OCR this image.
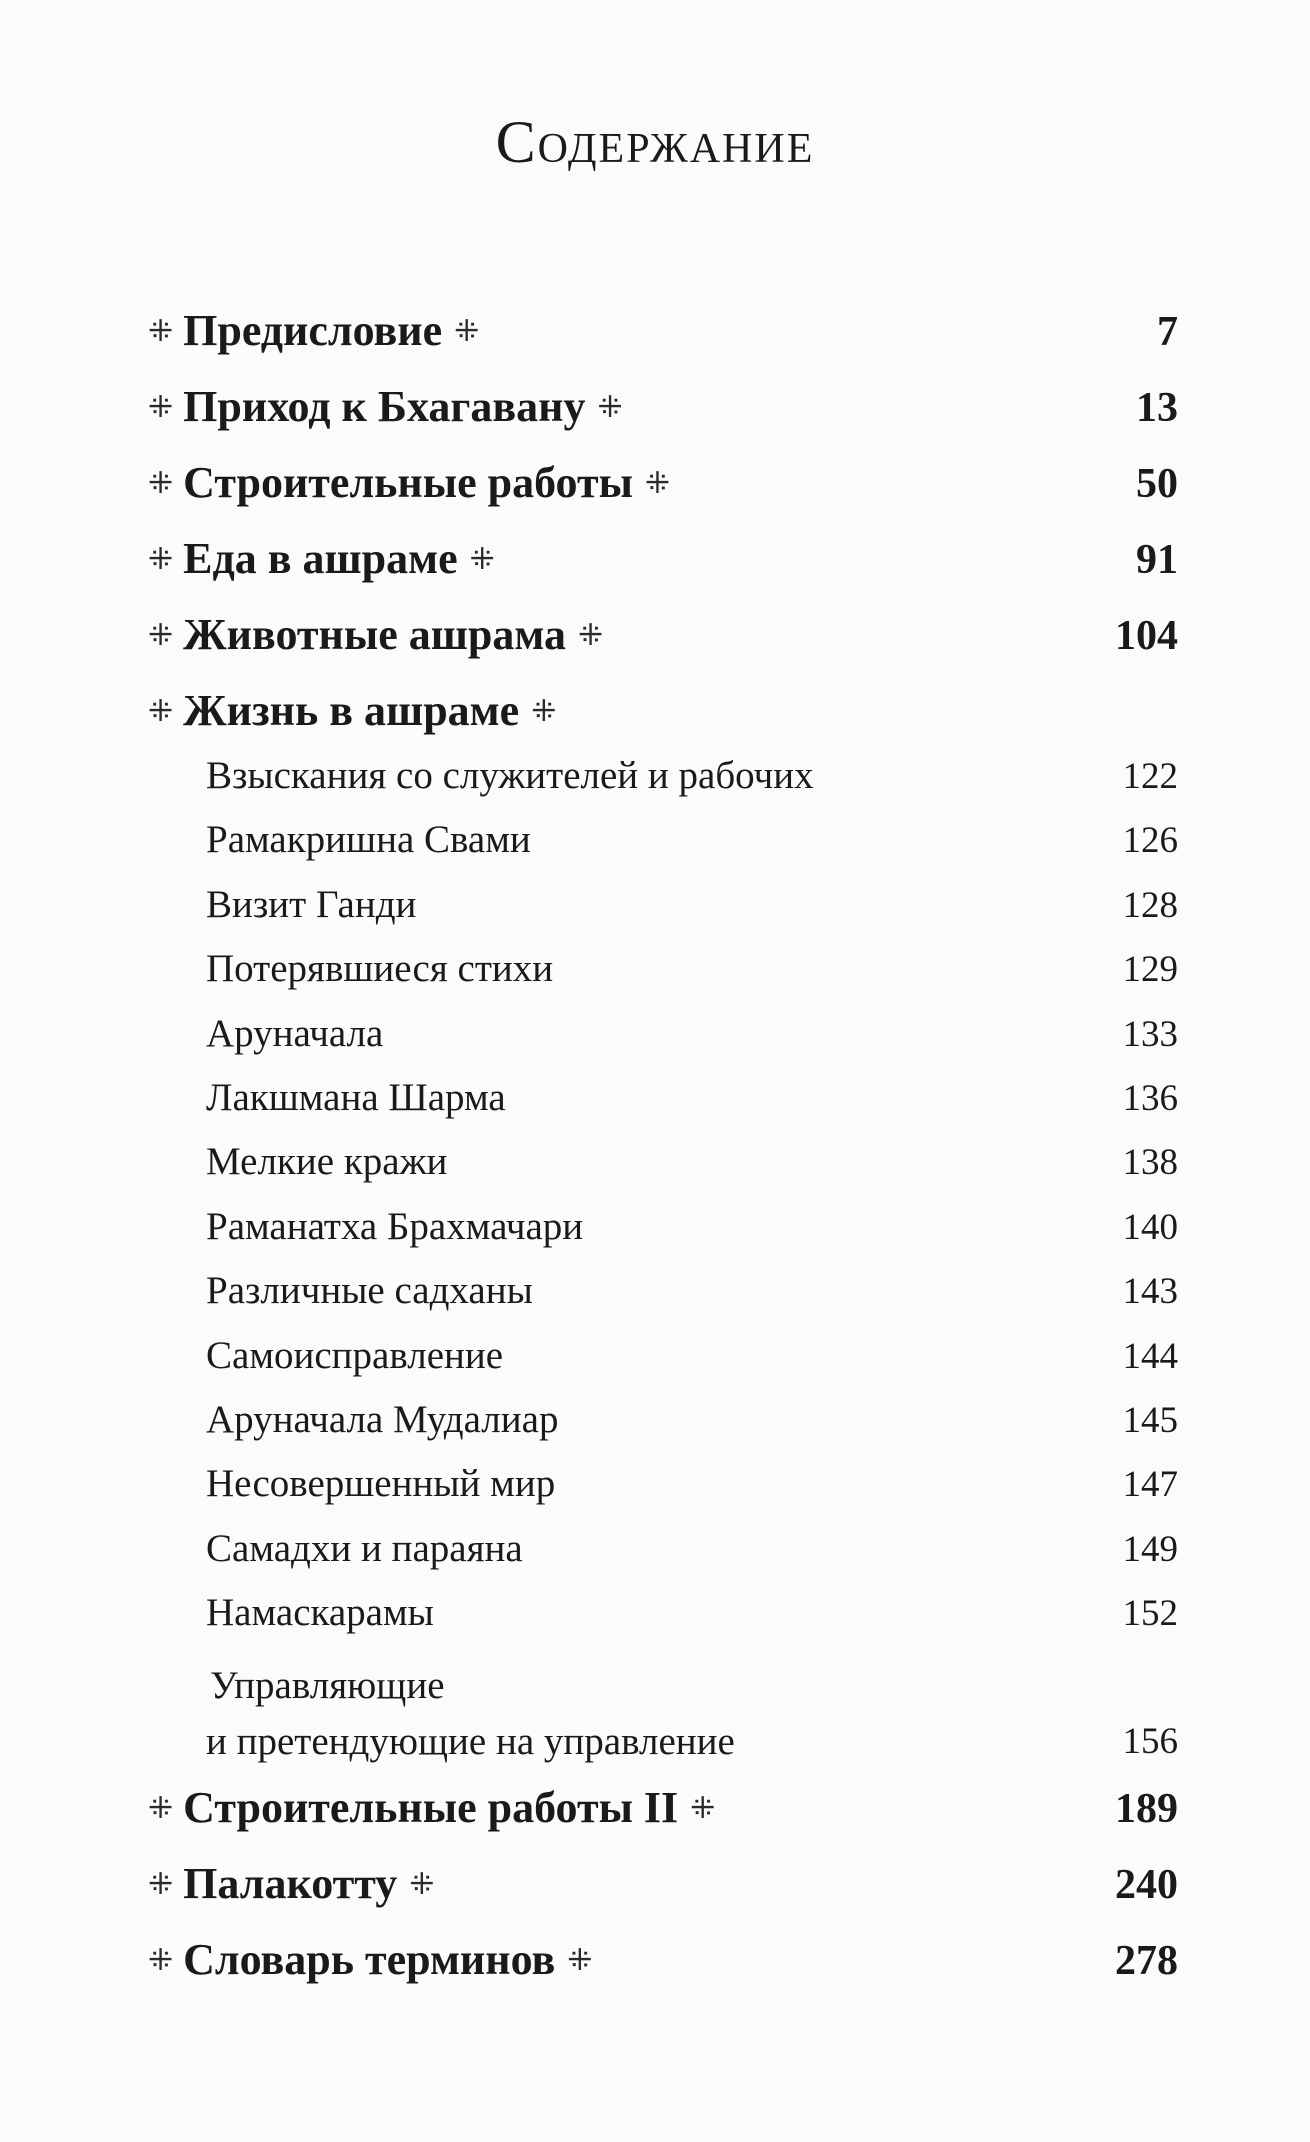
Содержание
⁜ Предисловие ⁜	7
⁜ Приход к Бхагавану ⁜	13
⁜ Строительные работы ⁜	50
⁜ Еда в ашраме ⁜	91
⁜ Животные ашрама ⁜	104
⁜ Жизнь в ашраме ⁜
Взыскания со служителей и рабочих	122
Рамакришна Свами	126
Визит Ганди	128
Потерявшиеся стихи	129
Аруначала	133
Лакшмана Шарма	136
Мелкие кражи	138
Раманатха Брахмачари	140
Различные садханы	143
Самоисправление	144
Аруначала Мудалиар	145
Несовершенный мир	147
Самадхи и параяна	149
Намаскарамы	152
Управляющие
и претендующие на управление	156
⁜ Строительные работы II ⁜	189
⁜ Палакотту ⁜	240
⁜ Словарь терминов ⁜	278
